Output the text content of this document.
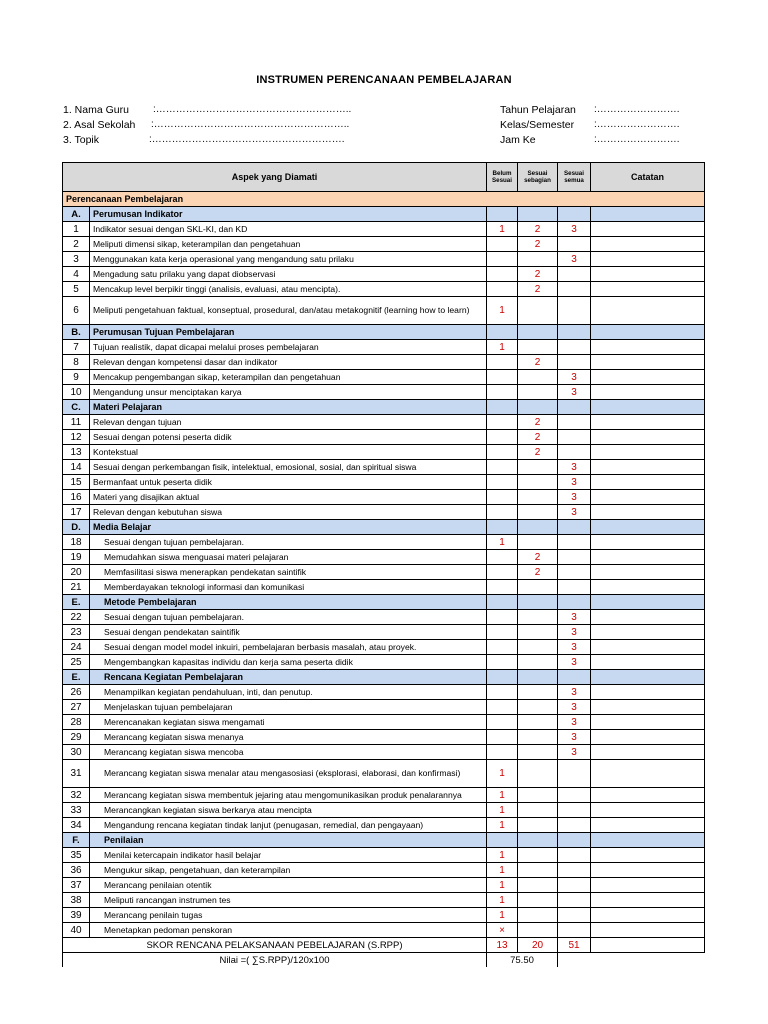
INSTRUMEN PERENCANAAN PEMBELAJARAN
1. Nama Guru :…………………………………………………..
2. Asal Sekolah :…………………………………………………..
3. Topik	:………………………………………………….
Tahun Pelajaran :…………………….
Kelas/Semester :…………………….
Jam Ke	:…………………….
Aspek yang Diamati		Belum Sesuai	Sesuai sebagian	Sesuai semua	Catatan
Perencanaan Pembelajaran					
A.	Perumusan Indikator				
1	Indikator sesuai dengan SKL-KI, dan KD	1	2	3	
2	Meliputi dimensi sikap, keterampilan dan pengetahuan		2		
3	Menggunakan kata kerja operasional yang mengandung satu prilaku			3	
4	Mengadung satu prilaku yang dapat diobservasi		2		
5	Mencakup level berpikir tinggi (analisis, evaluasi, atau mencipta).		2		
6	Meliputi pengetahuan faktual, konseptual, prosedural, dan/atau metakognitif (learning how to learn)	1			
B.	Perumusan Tujuan Pembelajaran				
7	Tujuan realistik, dapat dicapai melalui proses pembelajaran	1			
8	Relevan dengan kompetensi dasar dan indikator		2		
9	Mencakup pengembangan sikap, keterampilan dan pengetahuan			3	
10	Mengandung unsur menciptakan karya			3	
C.	Materi Pelajaran				
11	Relevan dengan tujuan		2		
12	Sesuai dengan potensi peserta didik		2		
13	Kontekstual		2		
14	Sesuai dengan perkembangan fisik, intelektual, emosional, sosial, dan spiritual siswa			3	
15	Bermanfaat untuk peserta didik			3	
16	Materi yang disajikan aktual			3	
17	Relevan dengan kebutuhan siswa			3	
D.	Media Belajar				
18	Sesuai dengan tujuan pembelajaran.	1			
19	Memudahkan siswa menguasai materi pelajaran		2		
20	Memfasilitasi siswa menerapkan pendekatan saintifik		2		
21	Memberdayakan teknologi informasi dan komunikasi				
E.	Metode Pembelajaran				
22	Sesuai dengan tujuan pembelajaran.			3	
23	Sesuai dengan pendekatan saintifik			3	
24	Sesuai dengan model model inkuiri, pembelajaran berbasis masalah, atau proyek.			3	
25	Mengembangkan kapasitas individu dan kerja sama peserta didik			3	
E.	Rencana Kegiatan Pembelajaran				
26	Menampilkan kegiatan pendahuluan, inti, dan penutup.			3	
27	Menjelaskan tujuan pembelajaran			3	
28	Merencanakan kegiatan siswa mengamati			3	
29	Merancang kegiatan siswa menanya			3	
30	Merancang kegiatan siswa mencoba			3	
31	Merancang kegiatan siswa menalar atau mengasosiasi (eksplorasi, elaborasi, dan konfirmasi)	1			
32	Merancang kegiatan siswa membentuk jejaring atau mengomunikasikan produk penalarannya	1			
33	Merancangkan kegiatan siswa berkarya atau mencipta	1			
34	Mengandung rencana kegiatan tindak lanjut (penugasan, remedial, dan pengayaan)	1			
F.	Penilaian				
35	Menilai ketercapain indikator hasil belajar	1			
36	Mengukur sikap, pengetahuan, dan keterampilan	1			
37	Merancang penilaian otentik	1			
38	Meliputi rancangan instrumen tes	1			
39	Merancang penilain tugas	1			
40	Menetapkan pedoman penskoran	×			
SKOR RENCANA PELAKSANAAN PEBELAJARAN (S.RPP)		13	20	51	
Nilai =( ∑S.RPP)/120x100		75.50			
